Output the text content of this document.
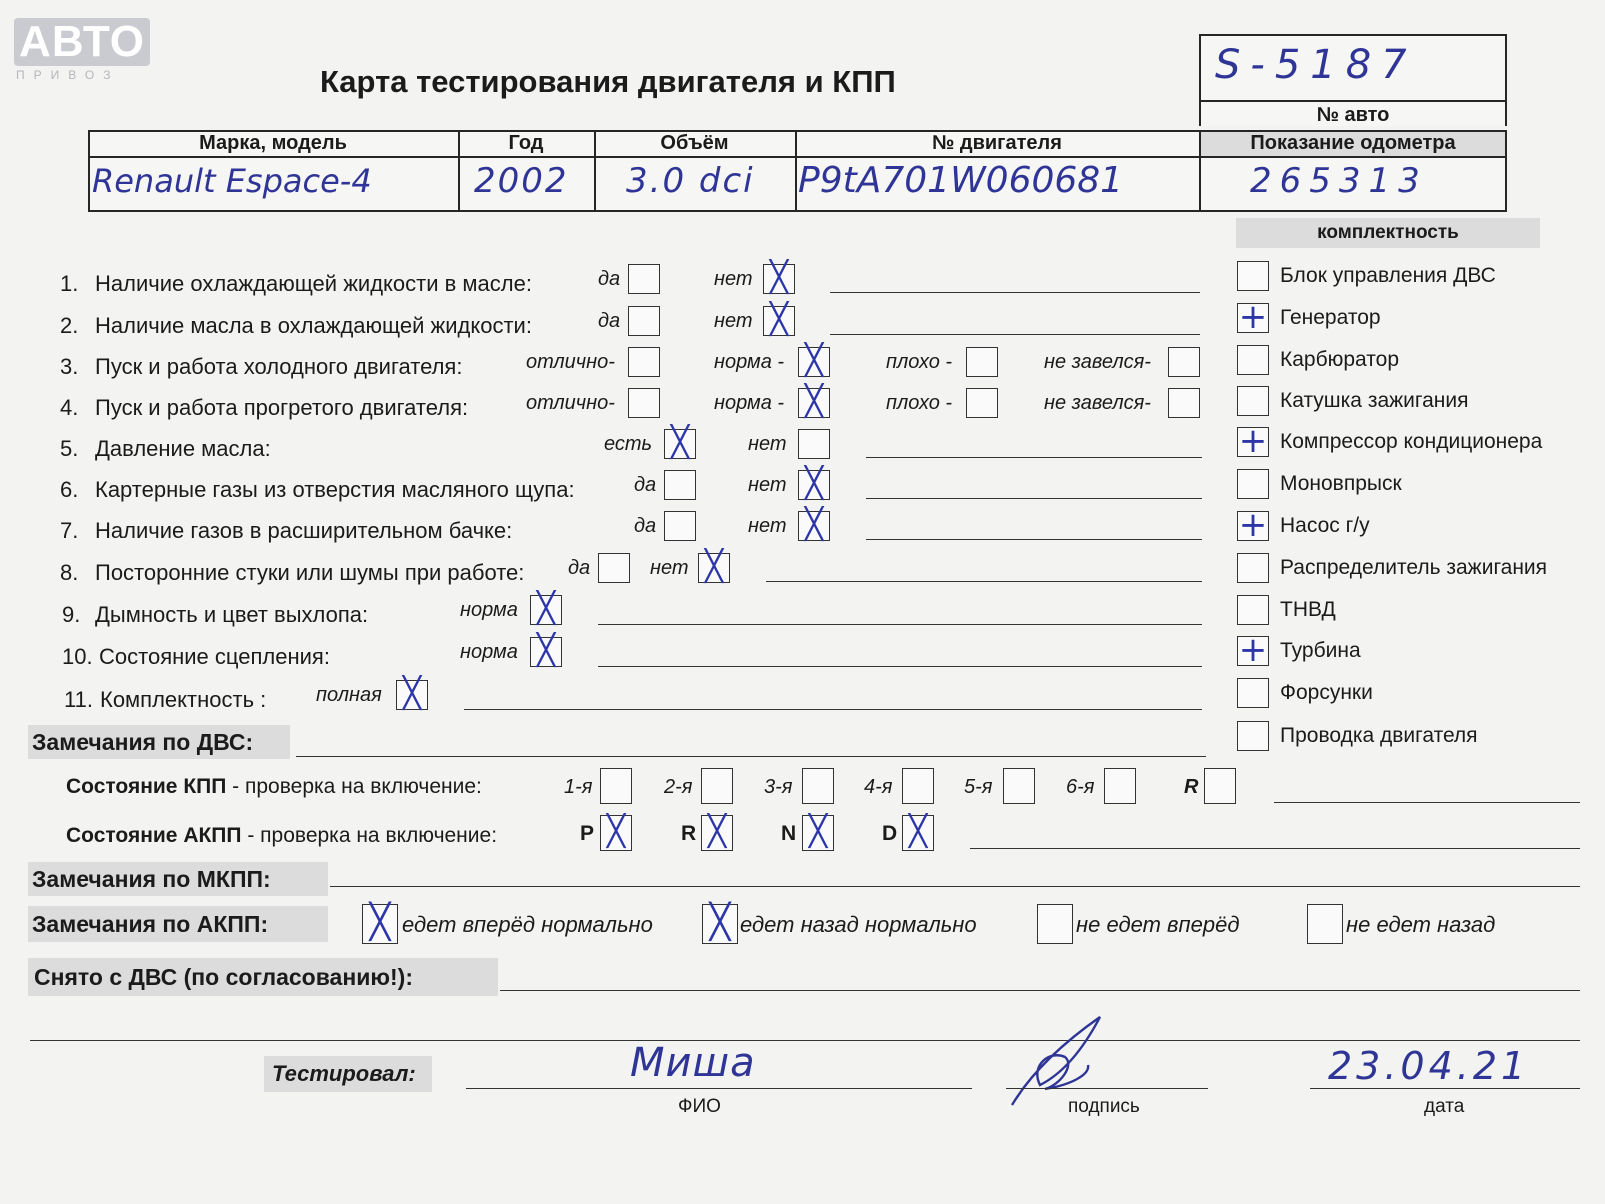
АВТО
ПРИВОЗ	Карта тестирования двигателя и КПП	S-5187
№ авто
Марка, модель	Год	Объём	№ двигателя	Показание одометра
Renault Espace-4	2002	3.0 dci	P9tA701W060681	265313
1. Наличие охлаждающей жидкости в масле:	да	нет ╳
2. Наличие масла в охлаждающей жидкости:	да	нет ╳
3. Пуск и работа холодного двигателя:	отлично-	норма - ╳	плохо -	не завелся-
4. Пуск и работа прогретого двигателя:	отлично-	норма - ╳	плохо -	не завелся-
5. Давление масла:	есть ╳	нет
6. Картерные газы из отверстия масляного щупа:	да	нет ╳
7. Наличие газов в расширительном бачке:	да	нет ╳
8. Посторонние стуки или шумы при работе: да	нет ╳
9. Дымность и цвет выхлопа:	норма ╳
10. Состояние сцепления:	норма ╳
11. Комплектность : полная ╳
комплектность
Блок управления ДВС
+ Генератор
Карбюратор
Катушка зажигания
+ Компрессор кондиционера
Моновпрыск
+ Насос г/у
Распределитель зажигания
ТНВД
+ Турбина
Форсунки
Проводка двигателя
Замечания по ДВС:
Состояние КПП - проверка на включение:	1-я	2-я	3-я	4-я	5-я	6-я	R
Состояние АКПП - проверка на включение:	P ╳	R ╳	N ╳	D ╳
Замечания по МКПП:
Замечания по АКПП:	╳ едет вперёд нормально ╳ едет назад нормально	не едет вперёд	не едет назад
Снято с ДВС (по согласованию!):
Тестировал:	Миша
ФИО	подпись
23.04.21
дата
